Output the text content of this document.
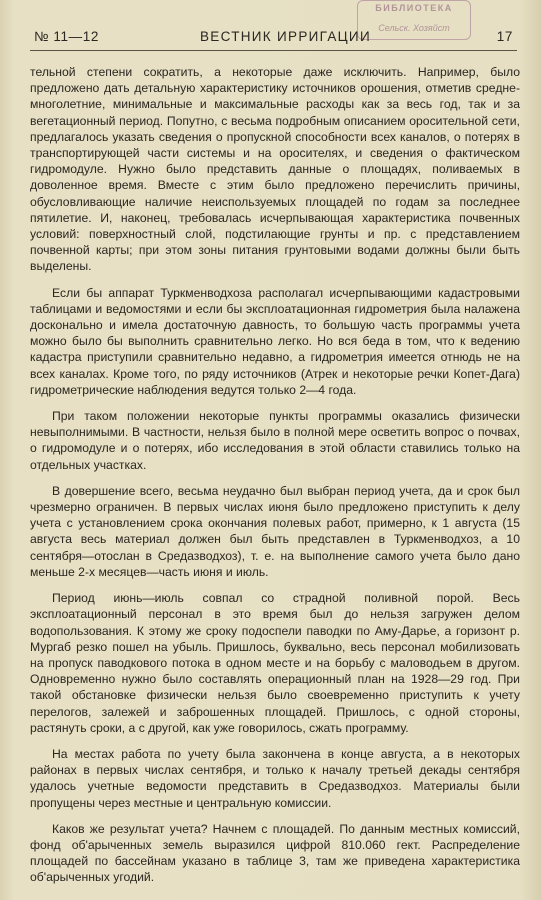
БИБЛИОТЕКА
Сельск. Хозяйст
№ 11—12	ВЕСТНИК ИРРИГАЦИИ	17

тельной степени сократить, а некоторые даже исключить. Например, было предложено дать детальную характеристику источников орошения, отметив средне-многолетние, минимальные и максимальные расходы как за весь год, так и за вегетационный период. Попутно, с весьма подробным описанием оросительной сети, предлагалось указать сведения о пропускной способности всех каналов, о потерях в транспортирующей части системы и на оросителях, и сведения о фактическом гидромодуле. Нужно было представить данные о площадях, поливаемых в доволенное время. Вместе с этим было предложено перечислить причины, обусловливающие наличие неиспользуемых площадей по годам за последнее пятилетие. И, наконец, требовалась исчерпывающая характеристика почвенных условий: поверхностный слой, подстилающие грунты и пр. с представлением почвенной карты; при этом зоны питания грунтовыми водами должны были быть выделены.

Если бы аппарат Туркменводхоза располагал исчерпывающими кадастровыми таблицами и ведомостями и если бы эксплоатационная гидрометрия была налажена досконально и имела достаточную давность, то большую часть программы учета можно было бы выполнить сравнительно легко. Но вся беда в том, что к ведению кадастра приступили сравнительно недавно, а гидрометрия имеется отнюдь не на всех каналах. Кроме того, по ряду источников (Атрек и некоторые речки Копет-Дага) гидрометрические наблюдения ведутся только 2—4 года.

При таком положении некоторые пункты программы оказались физически невыполнимыми. В частности, нельзя было в полной мере осветить вопрос о почвах, о гидромодуле и о потерях, ибо исследования в этой области ставились только на отдельных участках.

В довершение всего, весьма неудачно был выбран период учета, да и срок был чрезмерно ограничен. В первых числах июня было предложено приступить к делу учета с установлением срока окончания полевых работ, примерно, к 1 августа (15 августа весь материал должен был быть представлен в Туркменводхоз, а 10 сентября—отослан в Средазводхоз), т. е. на выполнение самого учета было дано меньше 2-х месяцев—часть июня и июль.

Период июнь—июль совпал со страдной поливной порой. Весь эксплоатационный персонал в это время был до нельзя загружен делом водопользования. К этому же сроку подоспели паводки по Аму-Дарье, а горизонт р. Мургаб резко пошел на убыль. Пришлось, буквально, весь персонал мобилизовать на пропуск паводкового потока в одном месте и на борьбу с маловодьем в другом. Одновременно нужно было составлять операционный план на 1928—29 год. При такой обстановке физически нельзя было своевременно приступить к учету перелогов, залежей и заброшенных площадей. Пришлось, с одной стороны, растянуть сроки, а с другой, как уже говорилось, сжать программу.

На местах работа по учету была закончена в конце августа, а в некоторых районах в первых числах сентября, и только к началу третьей декады сентября удалось учетные ведомости представить в Средазводхоз. Материалы были пропущены через местные и центральную комиссии.

Каков же результат учета? Начнем с площадей. По данным местных комиссий, фонд об'арыченных земель выразился цифрой 810.060 гект. Распределение площадей по бассейнам указано в таблице 3, там же приведена характеристика об'арыченных угодий.
